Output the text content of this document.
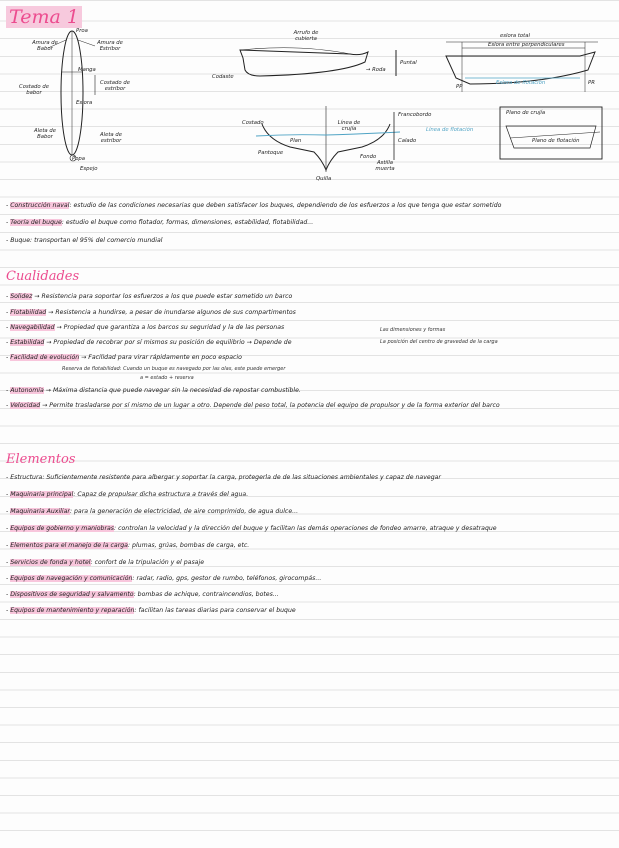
Tema 1
Proa
Amura de Babor
Amura de Estribor
Manga
Costado de babor
Costado de estribor
Eslora
Aleta de Babor	Aleta de estribor
Popa
Espejo
Arrufo de cubierta
Codaste
→ Roda
Puntal
eslora total
Eslora entre perpendiculares
Eslora de flotación
PP
PR
Costado	Línea de crujía
Francobordo
Línea de flotación
Calado
Pantoque
Plan
Fondo
Astilla muerta
Quilla
Plano de crujía
Plano de flotación
- Construcción naval: estudio de las condiciones necesarias que deben satisfacer los buques, dependiendo de los esfuerzos a los que tenga que estar sometido
- Teoría del buque: estudio el buque como flotador, formas, dimensiones, estabilidad, flotabilidad...
- Buque: transportan el 95% del comercio mundial
Cualidades
- Solidez → Resistencia para soportar los esfuerzos a los que puede estar sometido un barco
- Flotabilidad → Resistencia a hundirse, a pesar de inundarse algunos de sus compartimentos
- Navegabilidad → Propiedad que garantiza a los barcos su seguridad y la de las personas
- Estabilidad → Propiedad de recobrar por sí mismos su posición de equilibrio → Depende de
Las dimensiones y formas
La posición del centro de gravedad de la carga
- Facilidad de evolución → Facilidad para virar rápidamente en poco espacio
Reserva de flotabilidad: Cuando un buque es navegado por las olas, este puede emerger
a = estado + reserva
- Autonomía → Máxima distancia que puede navegar sin la necesidad de repostar combustible.
- Velocidad → Permite trasladarse por sí mismo de un lugar a otro. Depende del peso total, la potencia del equipo de propulsor y de la forma exterior del barco
Elementos
- Estructura: Suficientemente resistente para albergar y soportar la carga, protegerla de de las situaciones ambientales y capaz de navegar
- Maquinaria principal: Capaz de propulsar dicha estructura a través del agua.
- Maquinaria Auxiliar: para la generación de electricidad, de aire comprimido, de agua dulce...
- Equipos de gobierno y maniobras: controlan la velocidad y la dirección del buque y facilitan las demás operaciones de fondeo amarre, atraque y desatraque
- Elementos para el manejo de la carga: plumas, grúas, bombas de carga, etc.
- Servicios de fonda y hotel: confort de la tripulación y el pasaje
- Equipos de navegación y comunicación: radar, radio, gps, gestor de rumbo, teléfonos, girocompás...
- Dispositivos de seguridad y salvamento: bombas de achique, contraincendios, botes...
- Equipos de mantenimiento y reparación: facilitan las tareas diarias para conservar el buque
